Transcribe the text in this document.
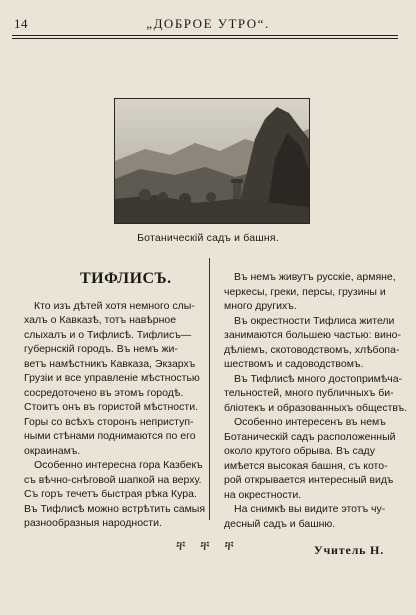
14	„ДОБРОЕ УТРО“.
Ботаническій садъ и башня.
ТИФЛИСЪ.
Кто изъ дѣтей хотя немного слы-
халъ о Кавказѣ, тотъ навѣрное
слыхалъ и о Тифлисѣ. Тифлисъ—
губернскій городъ. Въ немъ жи-
ветъ намѣстникъ Кавказа, Экзархъ
Грузіи и все управленіе мѣстностью
сосредоточено въ этомъ городѣ.
Стоитъ онъ въ гористой мѣстности.
Горы со всѣхъ сторонъ неприступ-
ными стѣнами поднимаются по его
окраинамъ.
Особенно интересна гора Казбекъ
съ вѣчно-снѣговой шапкой на верху.
Съ горъ течетъ быстрая рѣка Кура.
Въ Тифлисѣ можно встрѣтить самыя
разнообразныя народности.
Въ немъ живутъ русскіе, армяне,
черкесы, греки, персы, грузины и
много другихъ.
Въ окрестности Тифлиса жители
занимаются большею частью: вино-
дѣліемъ, скотоводствомъ, хлѣбопа-
шествомъ и садоводствомъ.
Въ Тифлисѣ много достопримѣча-
тельностей, много публичныхъ би-
бліотекъ и образованныхъ обществъ.
Особенно интересенъ въ немъ
Ботаническій садъ расположенный
около крутого обрыва. Въ саду
имѣется высокая башня, съ кото-
рой открывается интересный видъ
на окрестности.
На снимкѣ вы видите этотъ чу-
десный садъ и башню.
ቸ ቸ ቸ	Учитель Н.
